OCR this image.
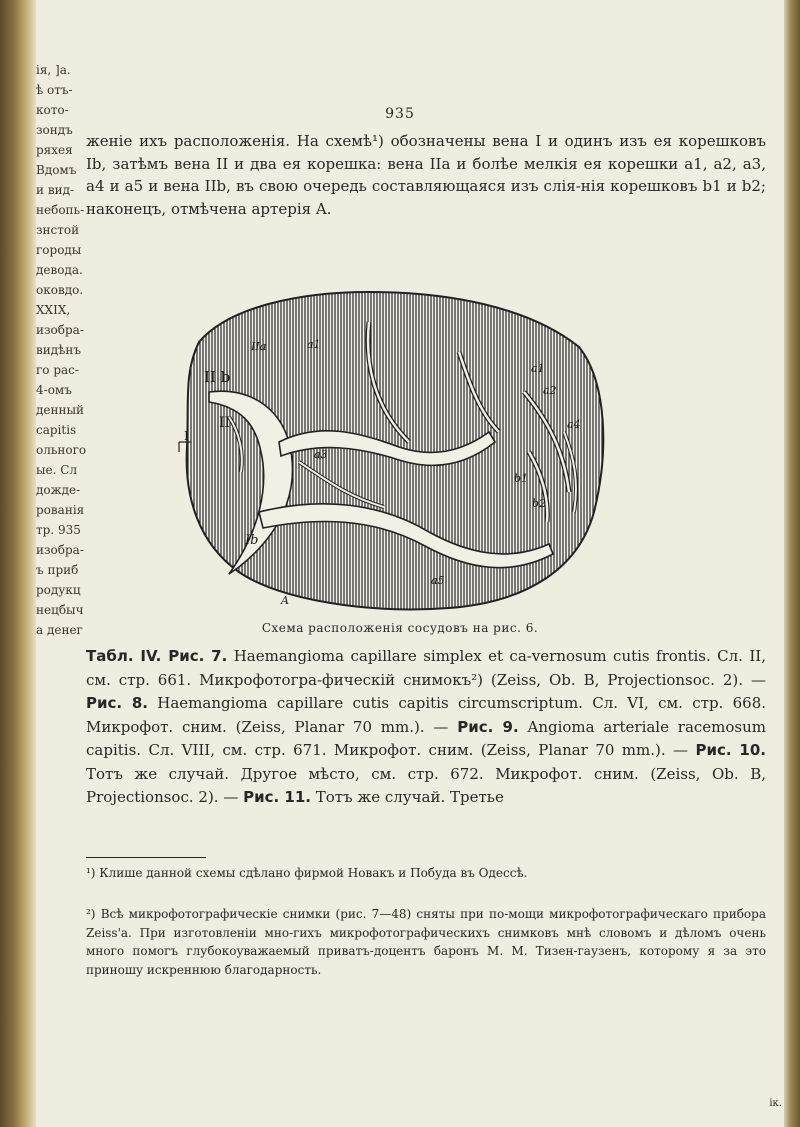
ія, ]а.
ѣ отъ-
кото-
зондъ
ряхея
Вдомъ
и вид-
небопь-
знстой
городы
девода.
оковдо.
XXIX,
изобра-
видѣнъ
го рас-
4-омъ
денный
capitis
ольного
ые. Сл
дожде-
рованія
тр. 935
изобра-
ъ приб
родукц
нецбыч
а денег
ік.
935

женіе ихъ расположенія. На схемѣ¹) обозначены вена I и одинъ изъ ея корешковъ Ib, затѣмъ вена II и два ея корешка: вена IIa и болѣе мелкія ея корешки a1, a2, a3, a4 и a5 и вена IIb, въ свою очередь составляющаяся изъ слія-нія корешковъ b1 и b2; наконецъ, отмѣчена артерія A.

IIa	a1
II b	a1
a2
II
a3
a4
I
b1
b2
Ib
a5
A
Схема расположенія сосудовъ на рис. 6.

Табл. IV. Рис. 7. Haemangioma capillare simplex et ca-vernosum cutis frontis. Сл. II, см. стр. 661. Микрофотогра-фическій снимокъ²) (Zeiss, Ob. B, Projectionsoc. 2). — Рис. 8. Haemangioma capillare cutis capitis circumscriptum. Сл. VI, см. стр. 668. Микрофот. сним. (Zeiss, Planar 70 mm.). — Рис. 9. Angioma arteriale racemosum capitis. Сл. VIII, см. стр. 671. Микрофот. сним. (Zeiss, Planar 70 mm.). — Рис. 10. Тотъ же случай. Другое мѣсто, см. стр. 672. Микрофот. сним. (Zeiss, Ob. B, Projectionsoc. 2). — Рис. 11. Тотъ же случай. Третье

¹) Клише данной схемы сдѣлано фирмой Новакъ и Побуда въ Одессѣ.

²) Всѣ микрофотографическіе снимки (рис. 7—48) сняты при по-мощи микрофотографическаго прибора Zeiss'а. При изготовленіи мно-гихъ микрофотографическихъ снимковъ мнѣ словомъ и дѣломъ очень много помогъ глубокоуважаемый приватъ-доцентъ баронъ М. М. Тизен-гаузенъ, которому я за это приношу искреннюю благодарность.
